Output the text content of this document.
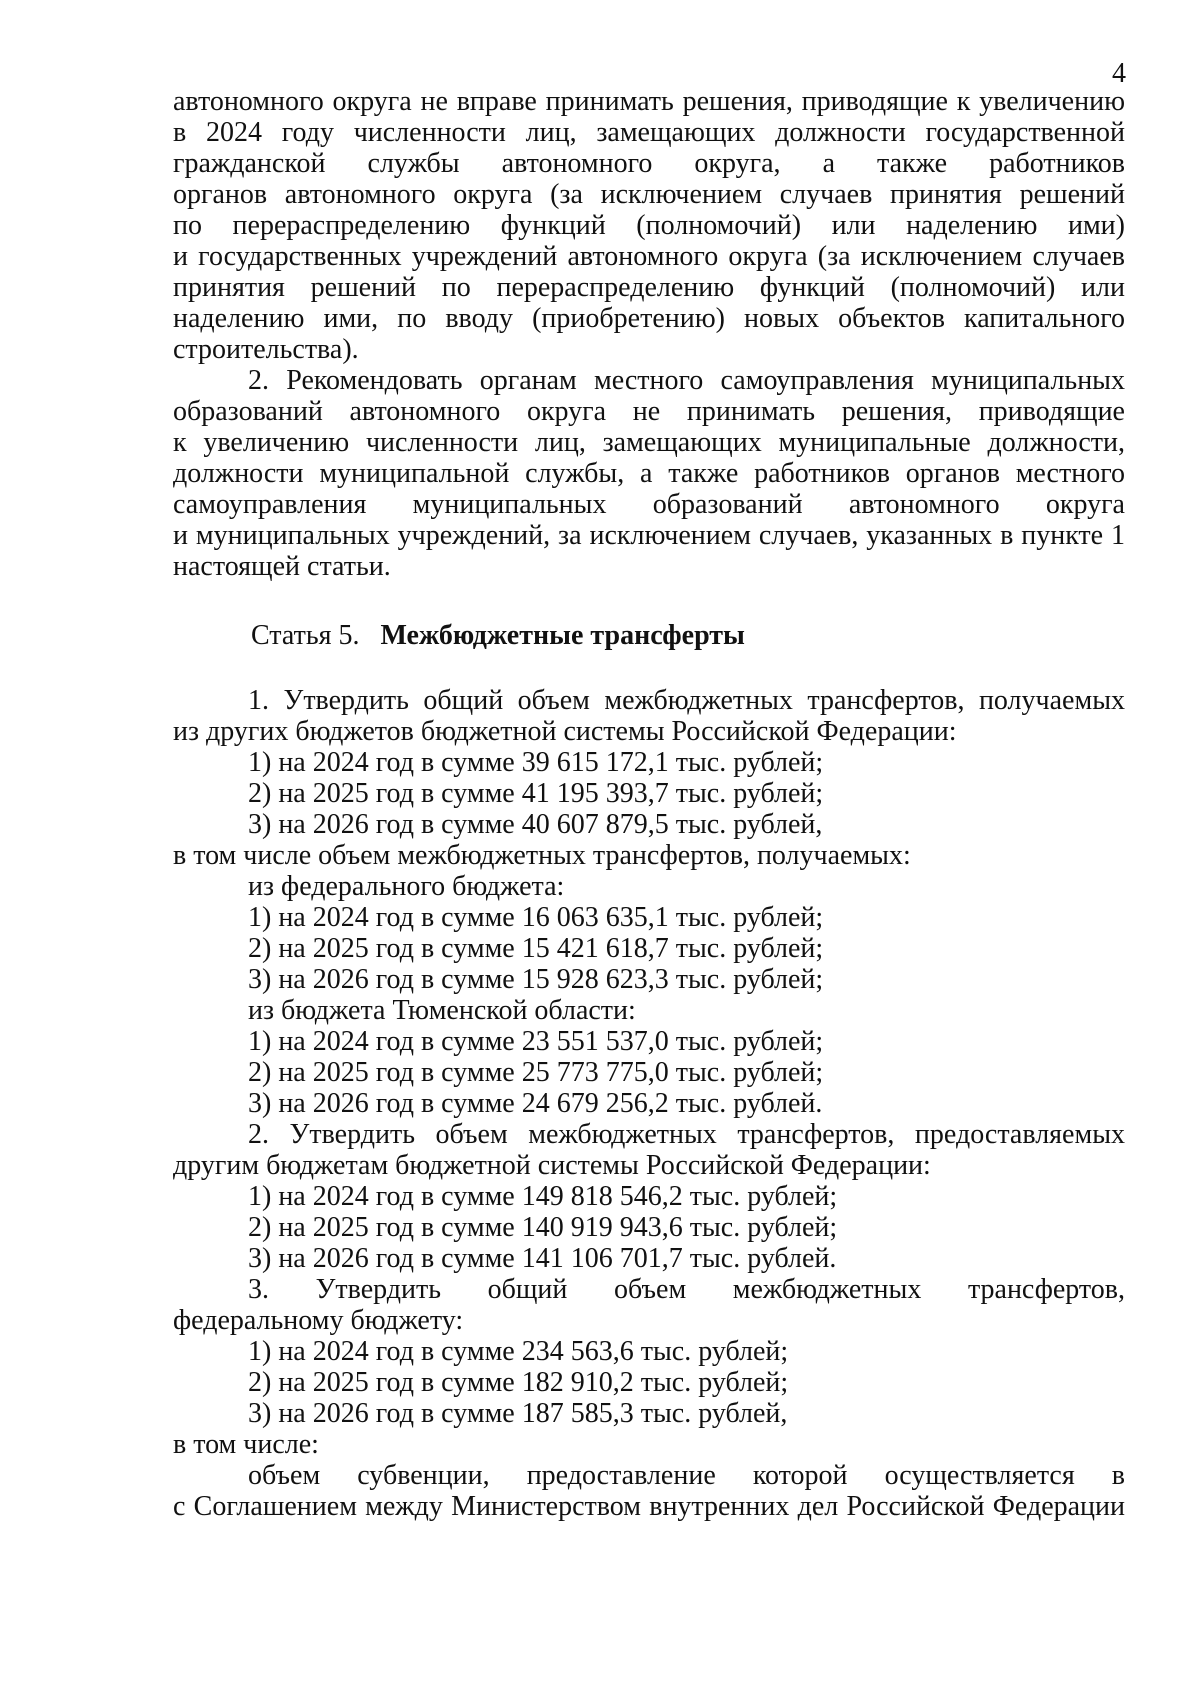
4
автономного округа не вправе принимать решения, приводящие к увеличению
в 2024 году численности лиц, замещающих должности государственной
гражданской службы автономного округа, а также работников
органов автономного округа (за исключением случаев принятия решений
по перераспределению функций (полномочий) или наделению ими)
и государственных учреждений автономного округа (за исключением случаев
принятия решений по перераспределению функций (полномочий) или
наделению ими, по вводу (приобретению) новых объектов капитального
строительства).
2. Рекомендовать органам местного самоуправления муниципальных
образований автономного округа не принимать решения, приводящие
к увеличению численности лиц, замещающих муниципальные должности,
должности муниципальной службы, а также работников органов местного
самоуправления муниципальных образований автономного округа
и муниципальных учреждений, за исключением случаев, указанных в пункте 1
настоящей статьи.
Статья 5. Межбюджетные трансферты
1. Утвердить общий объем межбюджетных трансфертов, получаемых
из других бюджетов бюджетной системы Российской Федерации:
1) на 2024 год в сумме 39 615 172,1 тыс. рублей;
2) на 2025 год в сумме 41 195 393,7 тыс. рублей;
3) на 2026 год в сумме 40 607 879,5 тыс. рублей,
в том числе объем межбюджетных трансфертов, получаемых:
из федерального бюджета:
1) на 2024 год в сумме 16 063 635,1 тыс. рублей;
2) на 2025 год в сумме 15 421 618,7 тыс. рублей;
3) на 2026 год в сумме 15 928 623,3 тыс. рублей;
из бюджета Тюменской области:
1) на 2024 год в сумме 23 551 537,0 тыс. рублей;
2) на 2025 год в сумме 25 773 775,0 тыс. рублей;
3) на 2026 год в сумме 24 679 256,2 тыс. рублей.
2. Утвердить объем межбюджетных трансфертов, предоставляемых
другим бюджетам бюджетной системы Российской Федерации:
1) на 2024 год в сумме 149 818 546,2 тыс. рублей;
2) на 2025 год в сумме 140 919 943,6 тыс. рублей;
3) на 2026 год в сумме 141 106 701,7 тыс. рублей.
3. Утвердить общий объем межбюджетных трансфертов,
федеральному бюджету:
1) на 2024 год в сумме 234 563,6 тыс. рублей;
2) на 2025 год в сумме 182 910,2 тыс. рублей;
3) на 2026 год в сумме 187 585,3 тыс. рублей,
в том числе:
объем субвенции, предоставление которой осуществляется в
с Соглашением между Министерством внутренних дел Российской Федерации
